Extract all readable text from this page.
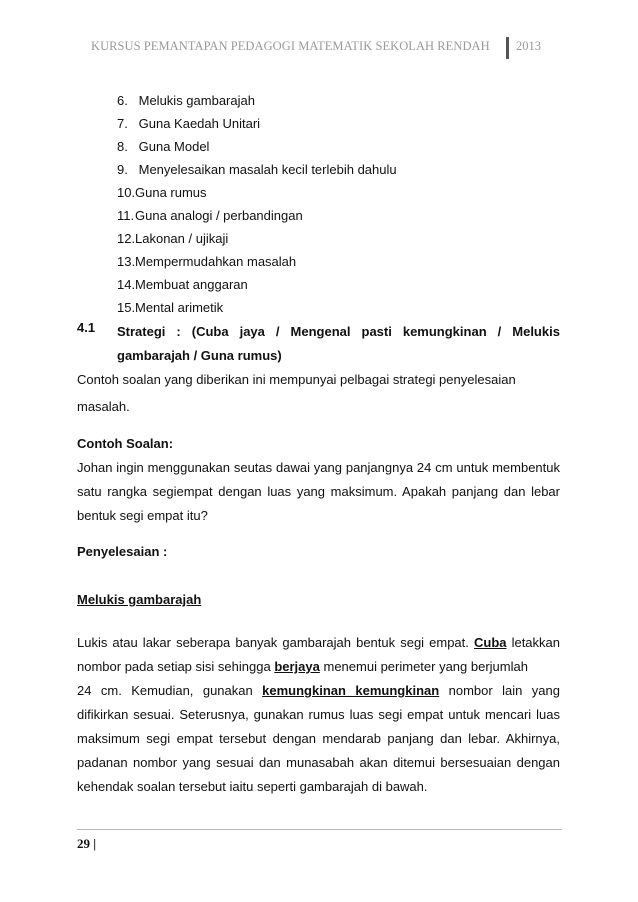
KURSUS PEMANTAPAN PEDAGOGI MATEMATIK SEKOLAH RENDAH 2013
6. Melukis gambarajah
7. Guna Kaedah Unitari
8. Guna Model
9. Menyelesaikan masalah kecil terlebih dahulu
10.Guna rumus
11.Guna analogi / perbandingan
12.Lakonan / ujikaji
13.Mempermudahkan masalah
14.Membuat anggaran
15.Mental arimetik
4.1 Strategi : (Cuba jaya / Mengenal pasti kemungkinan / Melukis
gambarajah / Guna rumus)
Contoh soalan yang diberikan ini mempunyai pelbagai strategi penyelesaian
masalah.
Contoh Soalan:
Johan ingin menggunakan seutas dawai yang panjangnya 24 cm untuk membentuk
satu rangka segiempat dengan luas yang maksimum. Apakah panjang dan lebar
bentuk segi empat itu?
Penyelesaian :
Melukis gambarajah
Lukis atau lakar seberapa banyak gambarajah bentuk segi empat. Cuba letakkan
nombor pada setiap sisi sehingga berjaya menemui perimeter yang berjumlah
24 cm. Kemudian, gunakan kemungkinan kemungkinan nombor lain yang
difikirkan sesuai. Seterusnya, gunakan rumus luas segi empat untuk mencari luas
maksimum segi empat tersebut dengan mendarab panjang dan lebar. Akhirnya,
padanan nombor yang sesuai dan munasabah akan ditemui bersesuaian dengan
kehendak soalan tersebut iaitu seperti gambarajah di bawah.
29 |
